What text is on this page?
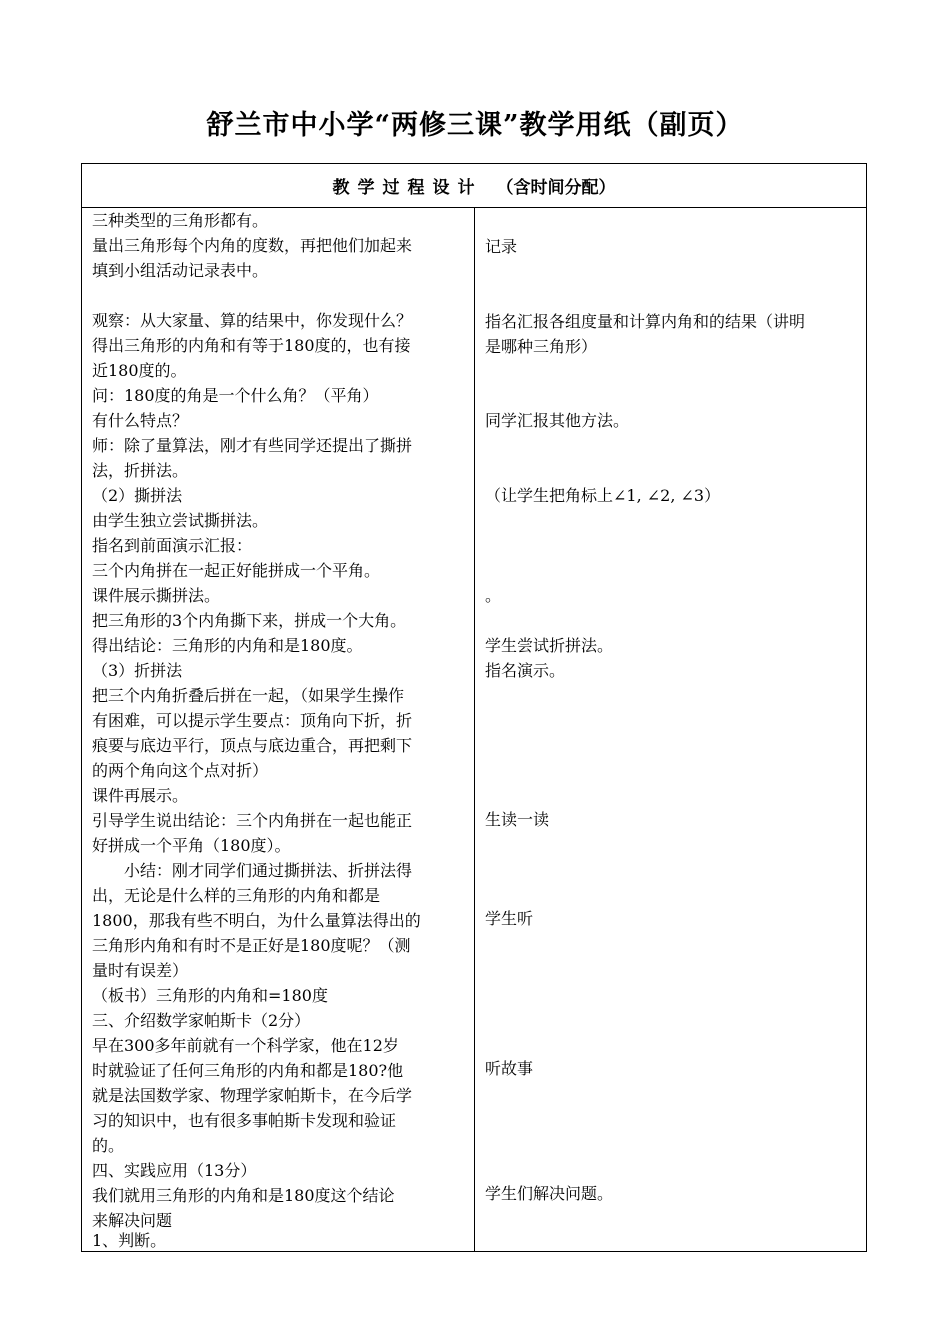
舒兰市中小学“两修三课”教学用纸（副页）
教学过程设计 （含时间分配）
三种类型的三角形都有。
量出三角形每个内角的度数，再把他们加起来
填到小组活动记录表中。
观察：从大家量、算的结果中，你发现什么？
得出三角形的内角和有等于180度的，也有接
近180度的。
问：180度的角是一个什么角？（平角）
有什么特点？
师：除了量算法，刚才有些同学还提出了撕拼
法，折拼法。
（2）撕拼法
由学生独立尝试撕拼法。
指名到前面演示汇报：
三个内角拼在一起正好能拼成一个平角。
课件展示撕拼法。
把三角形的3个内角撕下来，拼成一个大角。
得出结论：三角形的内角和是180度。
（3）折拼法
把三个内角折叠后拼在一起，（如果学生操作
有困难，可以提示学生要点：顶角向下折，折
痕要与底边平行，顶点与底边重合，再把剩下
的两个角向这个点对折）
课件再展示。
引导学生说出结论：三个内角拼在一起也能正
好拼成一个平角（180度）。
　　小结：刚才同学们通过撕拼法、折拼法得
出，无论是什么样的三角形的内角和都是
1800，那我有些不明白，为什么量算法得出的
三角形内角和有时不是正好是180度呢？（测
量时有误差）
（板书）三角形的内角和=180度
三、介绍数学家帕斯卡（2分）
早在300多年前就有一个科学家，他在12岁
时就验证了任何三角形的内角和都是180?他
就是法国数学家、物理学家帕斯卡，在今后学
习的知识中，也有很多事帕斯卡发现和验证
的。
四、实践应用（13分）
我们就用三角形的内角和是180度这个结论
来解决问题
1、判断。
记录
指名汇报各组度量和计算内角和的结果（讲明
是哪种三角形）
同学汇报其他方法。
（让学生把角标上∠1, ∠2, ∠3）
。
学生尝试折拼法。
指名演示。
生读一读
学生听
听故事
学生们解决问题。
